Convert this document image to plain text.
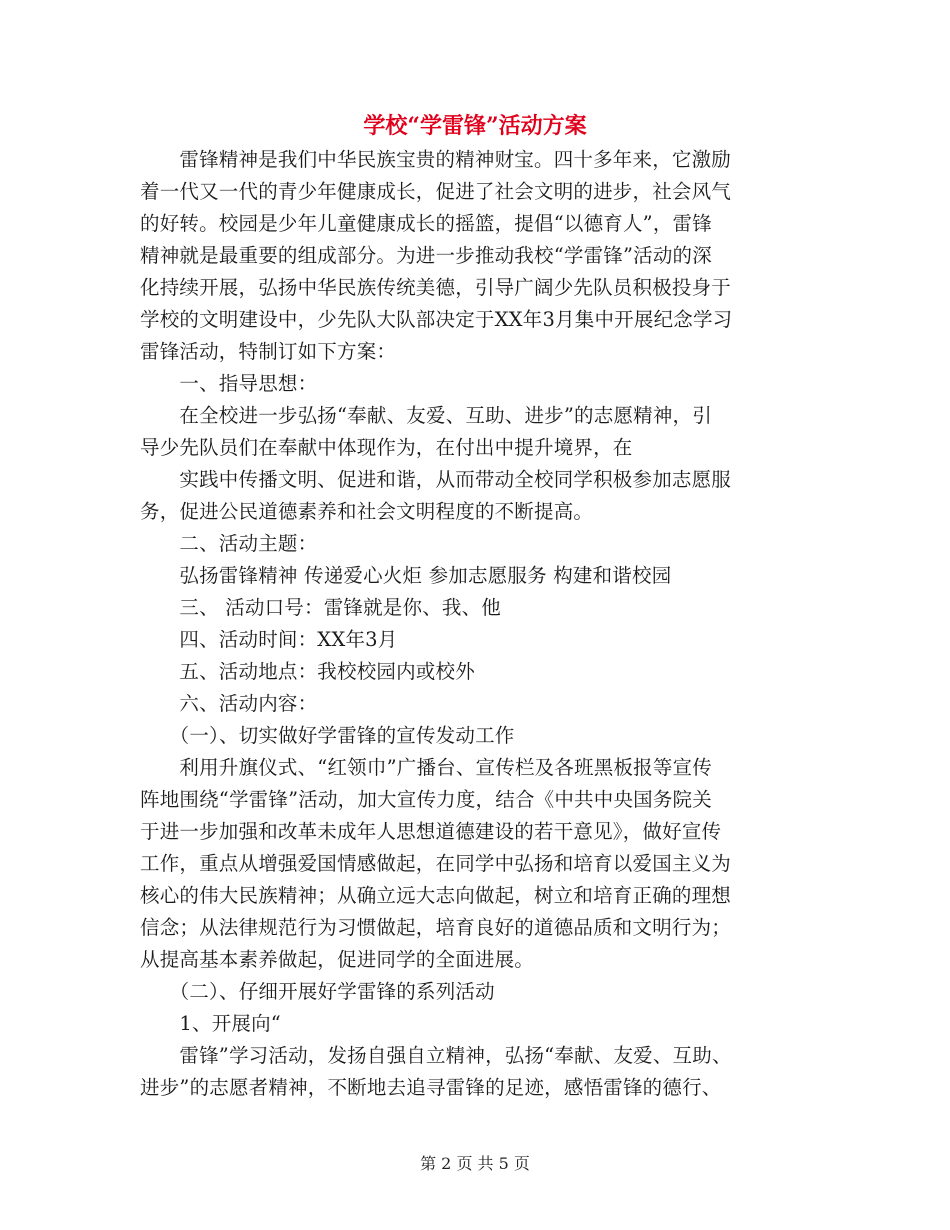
学校“学雷锋”活动方案
　　雷锋精神是我们中华民族宝贵的精神财宝。四十多年来，它激励
着一代又一代的青少年健康成长，促进了社会文明的进步，社会风气
的好转。校园是少年儿童健康成长的摇篮，提倡“以德育人”，雷锋
精神就是最重要的组成部分。为进一步推动我校“学雷锋”活动的深
化持续开展，弘扬中华民族传统美德，引导广阔少先队员积极投身于
学校的文明建设中，少先队大队部决定于XX年3月集中开展纪念学习
雷锋活动，特制订如下方案：
　　一、指导思想：
　　在全校进一步弘扬“奉献、友爱、互助、进步”的志愿精神，引
导少先队员们在奉献中体现作为，在付出中提升境界，在
　　实践中传播文明、促进和谐，从而带动全校同学积极参加志愿服
务，促进公民道德素养和社会文明程度的不断提高。
　　二、活动主题：
　　弘扬雷锋精神 传递爱心火炬 参加志愿服务 构建和谐校园
　　三、 活动口号：雷锋就是你、我、他
　　四、活动时间：XX年3月
　　五、活动地点：我校校园内或校外
　　六、活动内容：
　　（一）、切实做好学雷锋的宣传发动工作
　　利用升旗仪式、“红领巾”广播台、宣传栏及各班黑板报等宣传
阵地围绕“学雷锋”活动，加大宣传力度，结合《中共中央国务院关
于进一步加强和改革未成年人思想道德建设的若干意见》，做好宣传
工作，重点从增强爱国情感做起，在同学中弘扬和培育以爱国主义为
核心的伟大民族精神；从确立远大志向做起，树立和培育正确的理想
信念；从法律规范行为习惯做起，培育良好的道德品质和文明行为；
从提高基本素养做起，促进同学的全面进展。
　　（二）、仔细开展好学雷锋的系列活动
　　1、开展向“
　　雷锋”学习活动，发扬自强自立精神，弘扬“奉献、友爱、互助、
进步”的志愿者精神，不断地去追寻雷锋的足迹，感悟雷锋的德行、
第 2 页 共 5 页
